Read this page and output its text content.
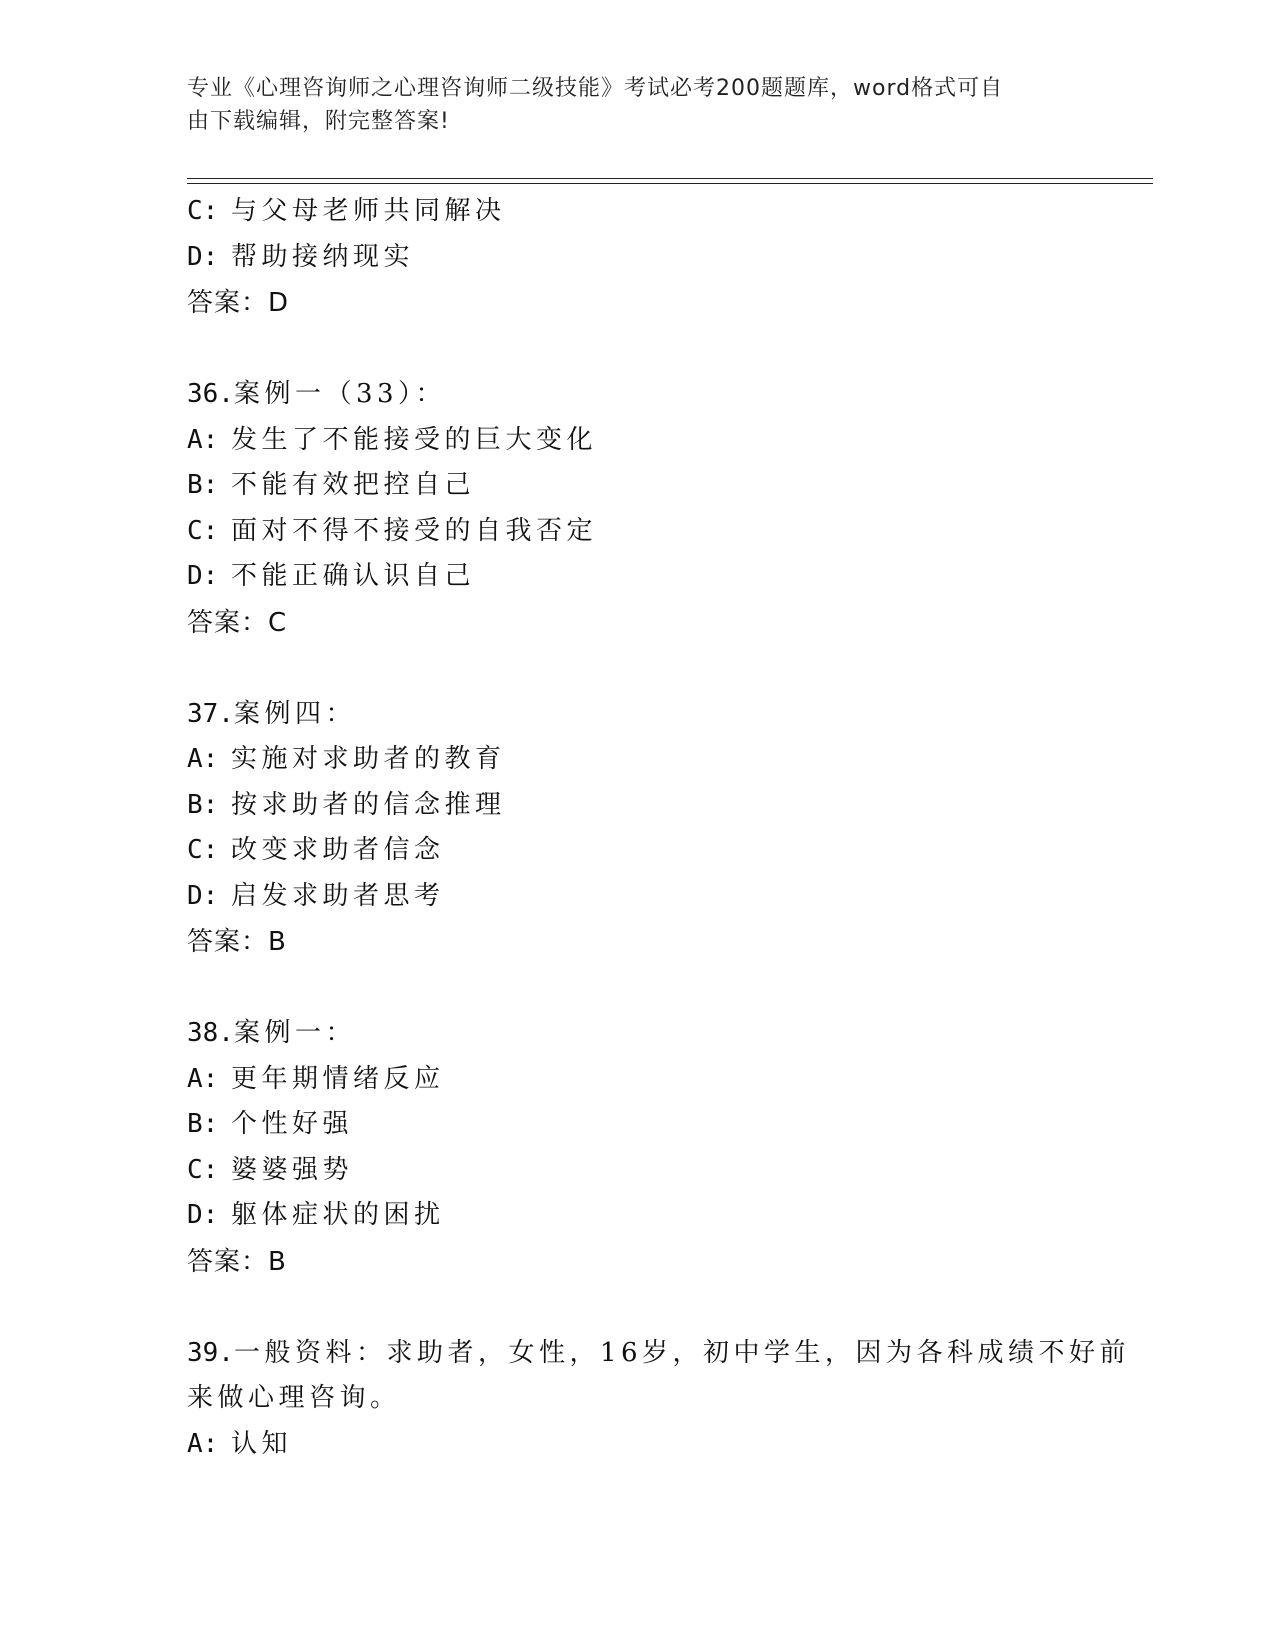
专业《心理咨询师之心理咨询师二级技能》考试必考200题题库，word格式可自
由下载编辑，附完整答案!
C: 与父母老师共同解决
D: 帮助接纳现实
答案：D
36.案例一（33）：
A: 发生了不能接受的巨大变化
B: 不能有效把控自己
C: 面对不得不接受的自我否定
D: 不能正确认识自己
答案：C
37.案例四：
A: 实施对求助者的教育
B: 按求助者的信念推理
C: 改变求助者信念
D: 启发求助者思考
答案：B
38.案例一：
A: 更年期情绪反应
B: 个性好强
C: 婆婆强势
D: 躯体症状的困扰
答案：B
39.一般资料：求助者，女性，16岁，初中学生，因为各科成绩不好前
来做心理咨询。
A: 认知
